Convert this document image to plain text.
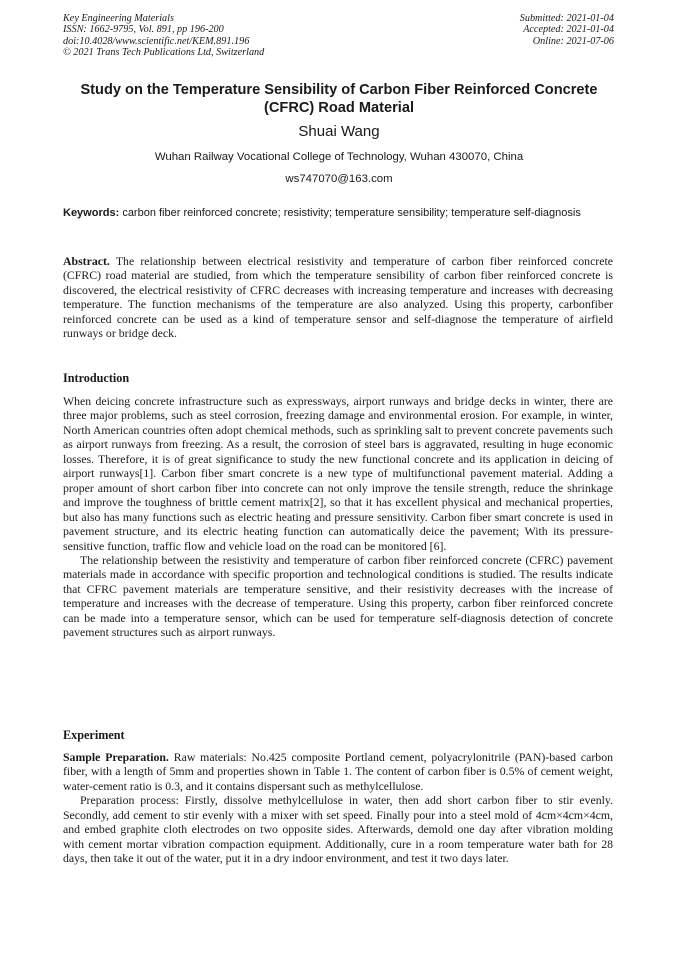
Key Engineering Materials
ISSN: 1662-9795, Vol. 891, pp 196-200
doi:10.4028/www.scientific.net/KEM.891.196
© 2021 Trans Tech Publications Ltd, Switzerland
Submitted: 2021-01-04
Accepted: 2021-01-04
Online: 2021-07-06
Study on the Temperature Sensibility of Carbon Fiber Reinforced Concrete (CFRC) Road Material
Shuai Wang
Wuhan Railway Vocational College of Technology, Wuhan 430070, China
ws747070@163.com
Keywords: carbon fiber reinforced concrete; resistivity; temperature sensibility; temperature self-diagnosis

Abstract. The relationship between electrical resistivity and temperature of carbon fiber reinforced concrete (CFRC) road material are studied, from which the temperature sensibility of carbon fiber reinforced concrete is discovered, the electrical resistivity of CFRC decreases with increasing temperature and increases with decreasing temperature. The function mechanisms of the temperature are also analyzed. Using this property, carbonfiber reinforced concrete can be used as a kind of temperature sensor and self-diagnose the temperature of airfield runways or bridge deck.

Introduction

When deicing concrete infrastructure such as expressways, airport runways and bridge decks in winter, there are three major problems, such as steel corrosion, freezing damage and environmental erosion. For example, in winter, North American countries often adopt chemical methods, such as sprinkling salt to prevent concrete pavements such as airport runways from freezing. As a result, the corrosion of steel bars is aggravated, resulting in huge economic losses. Therefore, it is of great significance to study the new functional concrete and its application in deicing of airport runways[1]. Carbon fiber smart concrete is a new type of multifunctional pavement material. Adding a proper amount of short carbon fiber into concrete can not only improve the tensile strength, reduce the shrinkage and improve the toughness of brittle cement matrix[2], so that it has excellent physical and mechanical properties, but also has many functions such as electric heating and pressure sensitivity. Carbon fiber smart concrete is used in pavement structure, and its electric heating function can automatically deice the pavement; With its pressure-sensitive function, traffic flow and vehicle load on the road can be monitored [6].

The relationship between the resistivity and temperature of carbon fiber reinforced concrete (CFRC) pavement materials made in accordance with specific proportion and technological conditions is studied. The results indicate that CFRC pavement materials are temperature sensitive, and their resistivity decreases with the increase of temperature and increases with the decrease of temperature. Using this property, carbon fiber reinforced concrete can be made into a temperature sensor, which can be used for temperature self-diagnosis detection of concrete pavement structures such as airport runways.

Experiment

Sample Preparation. Raw materials: No.425 composite Portland cement, polyacrylonitrile (PAN)-based carbon fiber, with a length of 5mm and properties shown in Table 1. The content of carbon fiber is 0.5% of cement weight, water-cement ratio is 0.3, and it contains dispersant such as methylcellulose.

Preparation process: Firstly, dissolve methylcellulose in water, then add short carbon fiber to stir evenly. Secondly, add cement to stir evenly with a mixer with set speed. Finally pour into a steel mold of 4cm×4cm×4cm, and embed graphite cloth electrodes on two opposite sides. Afterwards, demold one day after vibration molding with cement mortar vibration compaction equipment. Additionally, cure in a room temperature water bath for 28 days, then take it out of the water, put it in a dry indoor environment, and test it two days later.
